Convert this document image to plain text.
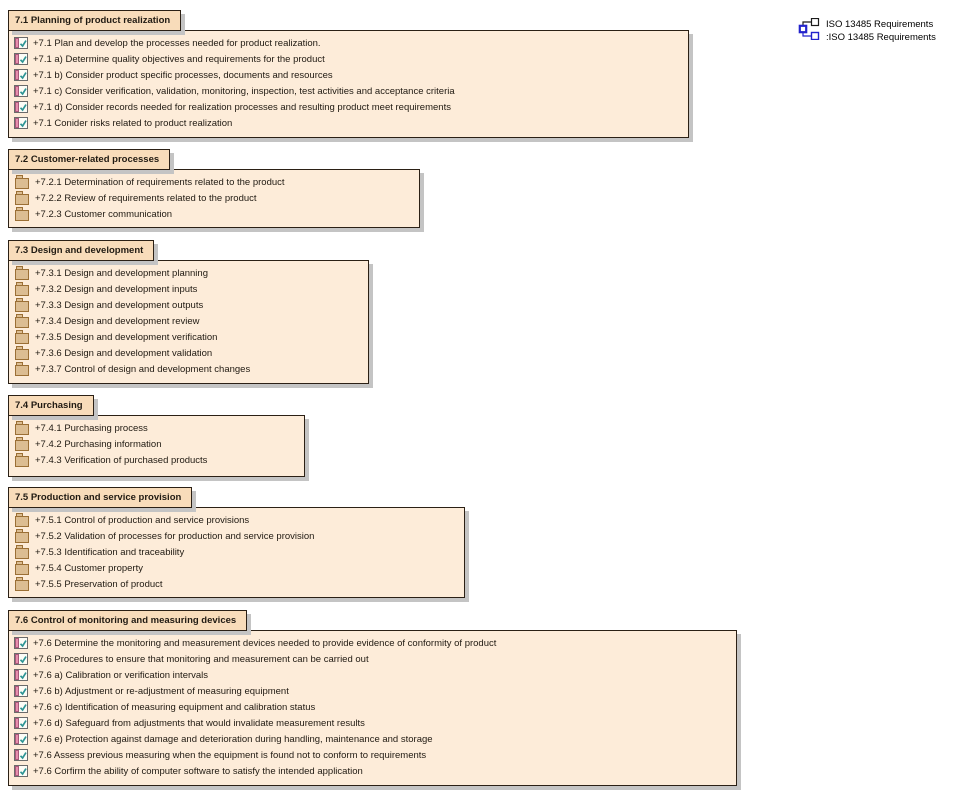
ISO 13485 Requirements
:ISO 13485 Requirements
7.1 Planning of product realization
+7.1 Plan and develop the processes needed for product realization.
+7.1 a) Determine quality objectives and requirements for the product
+7.1 b) Consider product specific processes, documents and resources
+7.1 c) Consider verification, validation, monitoring, inspection, test activities and acceptance criteria
+7.1 d) Consider records needed for realization processes and resulting product meet requirements
+7.1 Conider risks related to product realization
7.2 Customer-related processes
+7.2.1 Determination of requirements related to the product
+7.2.2 Review of requirements related to the product
+7.2.3 Customer communication
7.3 Design and development
+7.3.1 Design and development planning
+7.3.2 Design and development inputs
+7.3.3 Design and development outputs
+7.3.4 Design and development review
+7.3.5 Design and development verification
+7.3.6 Design and development validation
+7.3.7 Control of design and development changes
7.4 Purchasing
+7.4.1 Purchasing process
+7.4.2 Purchasing information
+7.4.3 Verification of purchased products
7.5 Production and service provision
+7.5.1 Control of production and service provisions
+7.5.2 Validation of processes for production and service provision
+7.5.3 Identification and traceability
+7.5.4 Customer property
+7.5.5 Preservation of product
7.6 Control of monitoring and measuring devices
+7.6 Determine the monitoring and measurement devices needed to provide evidence of conformity of product
+7.6 Procedures to ensure that monitoring and measurement can be carried out
+7.6 a) Calibration or verification intervals
+7.6 b) Adjustment or re-adjustment of measuring equipment
+7.6 c) Identification of measuring equipment and calibration status
+7.6 d) Safeguard from adjustments that would invalidate measurement results
+7.6 e) Protection against damage and deterioration during handling, maintenance and storage
+7.6 Assess previous measuring when the equipment is found not to conform to requirements
+7.6 Corfirm the ability of computer software to satisfy the intended application
